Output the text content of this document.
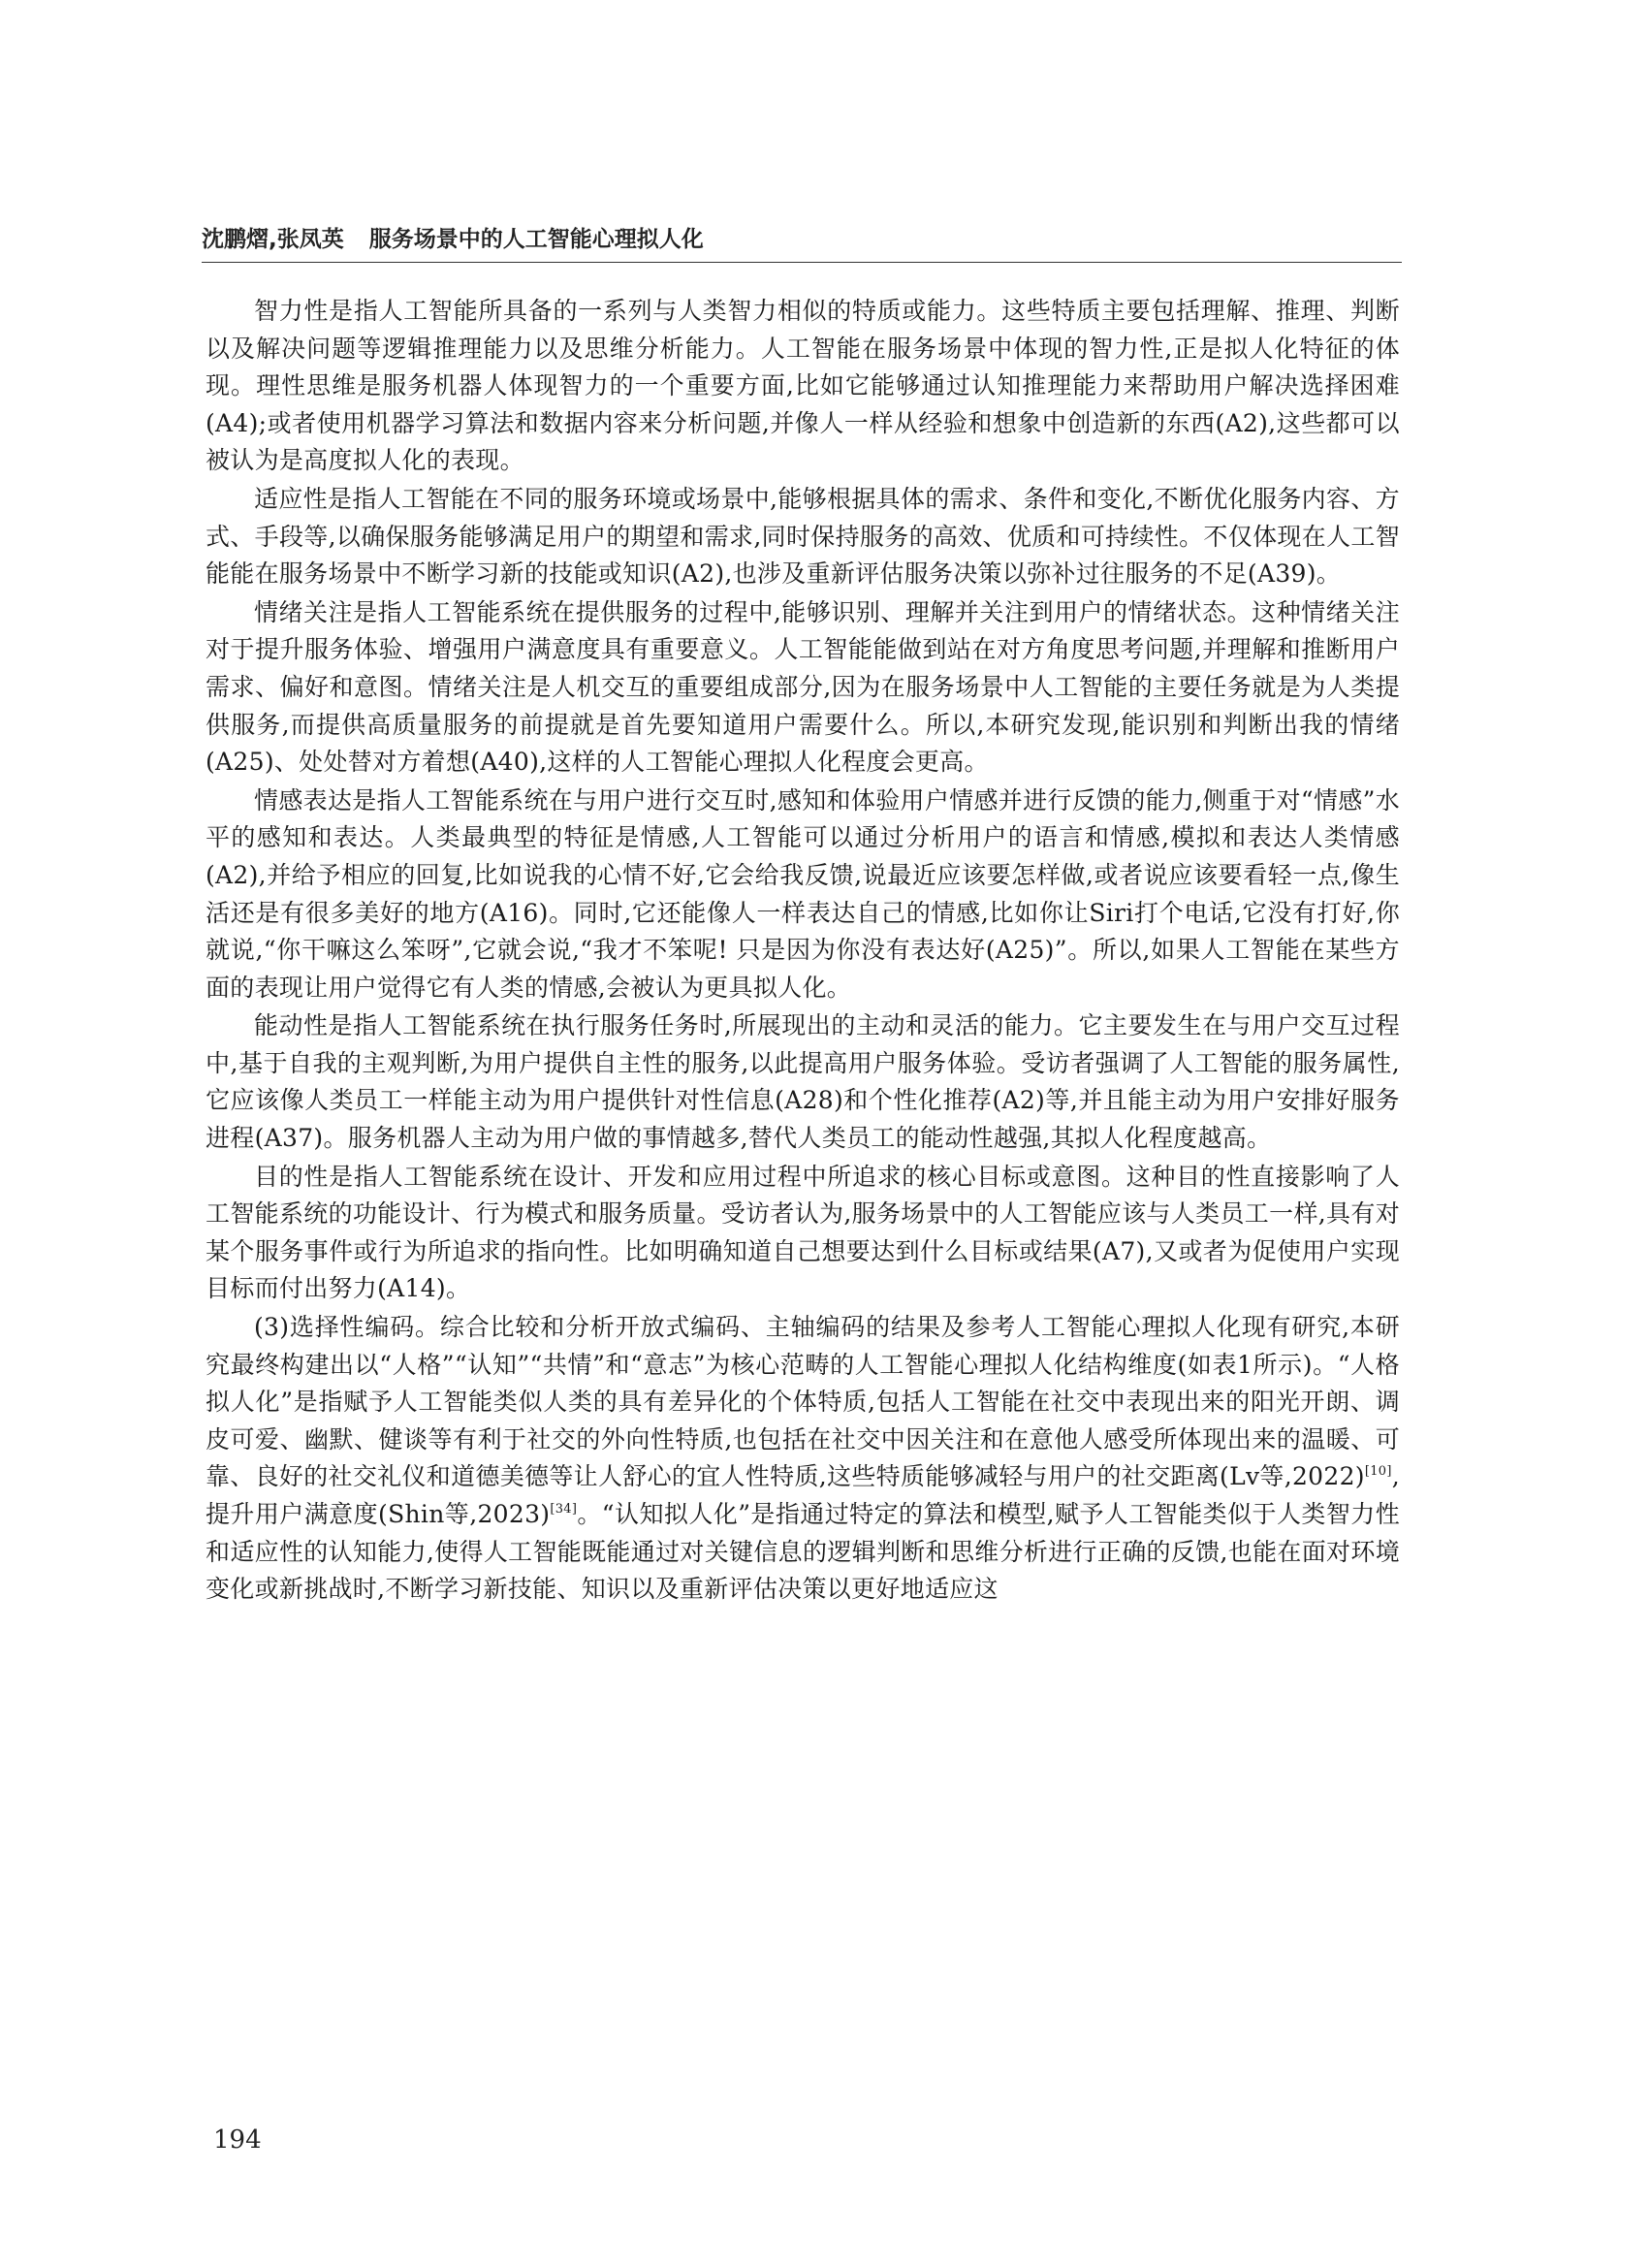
沈鹏熠,张凤英 服务场景中的人工智能心理拟人化

智力性是指人工智能所具备的一系列与人类智力相似的特质或能力。这些特质主要包括理解、推理、判断以及解决问题等逻辑推理能力以及思维分析能力。人工智能在服务场景中体现的智力性,正是拟人化特征的体现。理性思维是服务机器人体现智力的一个重要方面,比如它能够通过认知推理能力来帮助用户解决选择困难(A4);或者使用机器学习算法和数据内容来分析问题,并像人一样从经验和想象中创造新的东西(A2),这些都可以被认为是高度拟人化的表现。

适应性是指人工智能在不同的服务环境或场景中,能够根据具体的需求、条件和变化,不断优化服务内容、方式、手段等,以确保服务能够满足用户的期望和需求,同时保持服务的高效、优质和可持续性。不仅体现在人工智能能在服务场景中不断学习新的技能或知识(A2),也涉及重新评估服务决策以弥补过往服务的不足(A39)。

情绪关注是指人工智能系统在提供服务的过程中,能够识别、理解并关注到用户的情绪状态。这种情绪关注对于提升服务体验、增强用户满意度具有重要意义。人工智能能做到站在对方角度思考问题,并理解和推断用户需求、偏好和意图。情绪关注是人机交互的重要组成部分,因为在服务场景中人工智能的主要任务就是为人类提供服务,而提供高质量服务的前提就是首先要知道用户需要什么。所以,本研究发现,能识别和判断出我的情绪(A25)、处处替对方着想(A40),这样的人工智能心理拟人化程度会更高。

情感表达是指人工智能系统在与用户进行交互时,感知和体验用户情感并进行反馈的能力,侧重于对“情感”水平的感知和表达。人类最典型的特征是情感,人工智能可以通过分析用户的语言和情感,模拟和表达人类情感(A2),并给予相应的回复,比如说我的心情不好,它会给我反馈,说最近应该要怎样做,或者说应该要看轻一点,像生活还是有很多美好的地方(A16)。同时,它还能像人一样表达自己的情感,比如你让Siri打个电话,它没有打好,你就说,“你干嘛这么笨呀”,它就会说,“我才不笨呢! 只是因为你没有表达好(A25)”。所以,如果人工智能在某些方面的表现让用户觉得它有人类的情感,会被认为更具拟人化。

能动性是指人工智能系统在执行服务任务时,所展现出的主动和灵活的能力。它主要发生在与用户交互过程中,基于自我的主观判断,为用户提供自主性的服务,以此提高用户服务体验。受访者强调了人工智能的服务属性,它应该像人类员工一样能主动为用户提供针对性信息(A28)和个性化推荐(A2)等,并且能主动为用户安排好服务进程(A37)。服务机器人主动为用户做的事情越多,替代人类员工的能动性越强,其拟人化程度越高。

目的性是指人工智能系统在设计、开发和应用过程中所追求的核心目标或意图。这种目的性直接影响了人工智能系统的功能设计、行为模式和服务质量。受访者认为,服务场景中的人工智能应该与人类员工一样,具有对某个服务事件或行为所追求的指向性。比如明确知道自己想要达到什么目标或结果(A7),又或者为促使用户实现目标而付出努力(A14)。

(3)选择性编码。综合比较和分析开放式编码、主轴编码的结果及参考人工智能心理拟人化现有研究,本研究最终构建出以“人格”“认知”“共情”和“意志”为核心范畴的人工智能心理拟人化结构维度(如表1所示)。“人格拟人化”是指赋予人工智能类似人类的具有差异化的个体特质,包括人工智能在社交中表现出来的阳光开朗、调皮可爱、幽默、健谈等有利于社交的外向性特质,也包括在社交中因关注和在意他人感受所体现出来的温暖、可靠、良好的社交礼仪和道德美德等让人舒心的宜人性特质,这些特质能够减轻与用户的社交距离(Lv等,2022)[10],提升用户满意度(Shin等,2023)[34]。“认知拟人化”是指通过特定的算法和模型,赋予人工智能类似于人类智力性和适应性的认知能力,使得人工智能既能通过对关键信息的逻辑判断和思维分析进行正确的反馈,也能在面对环境变化或新挑战时,不断学习新技能、知识以及重新评估决策以更好地适应这

194
